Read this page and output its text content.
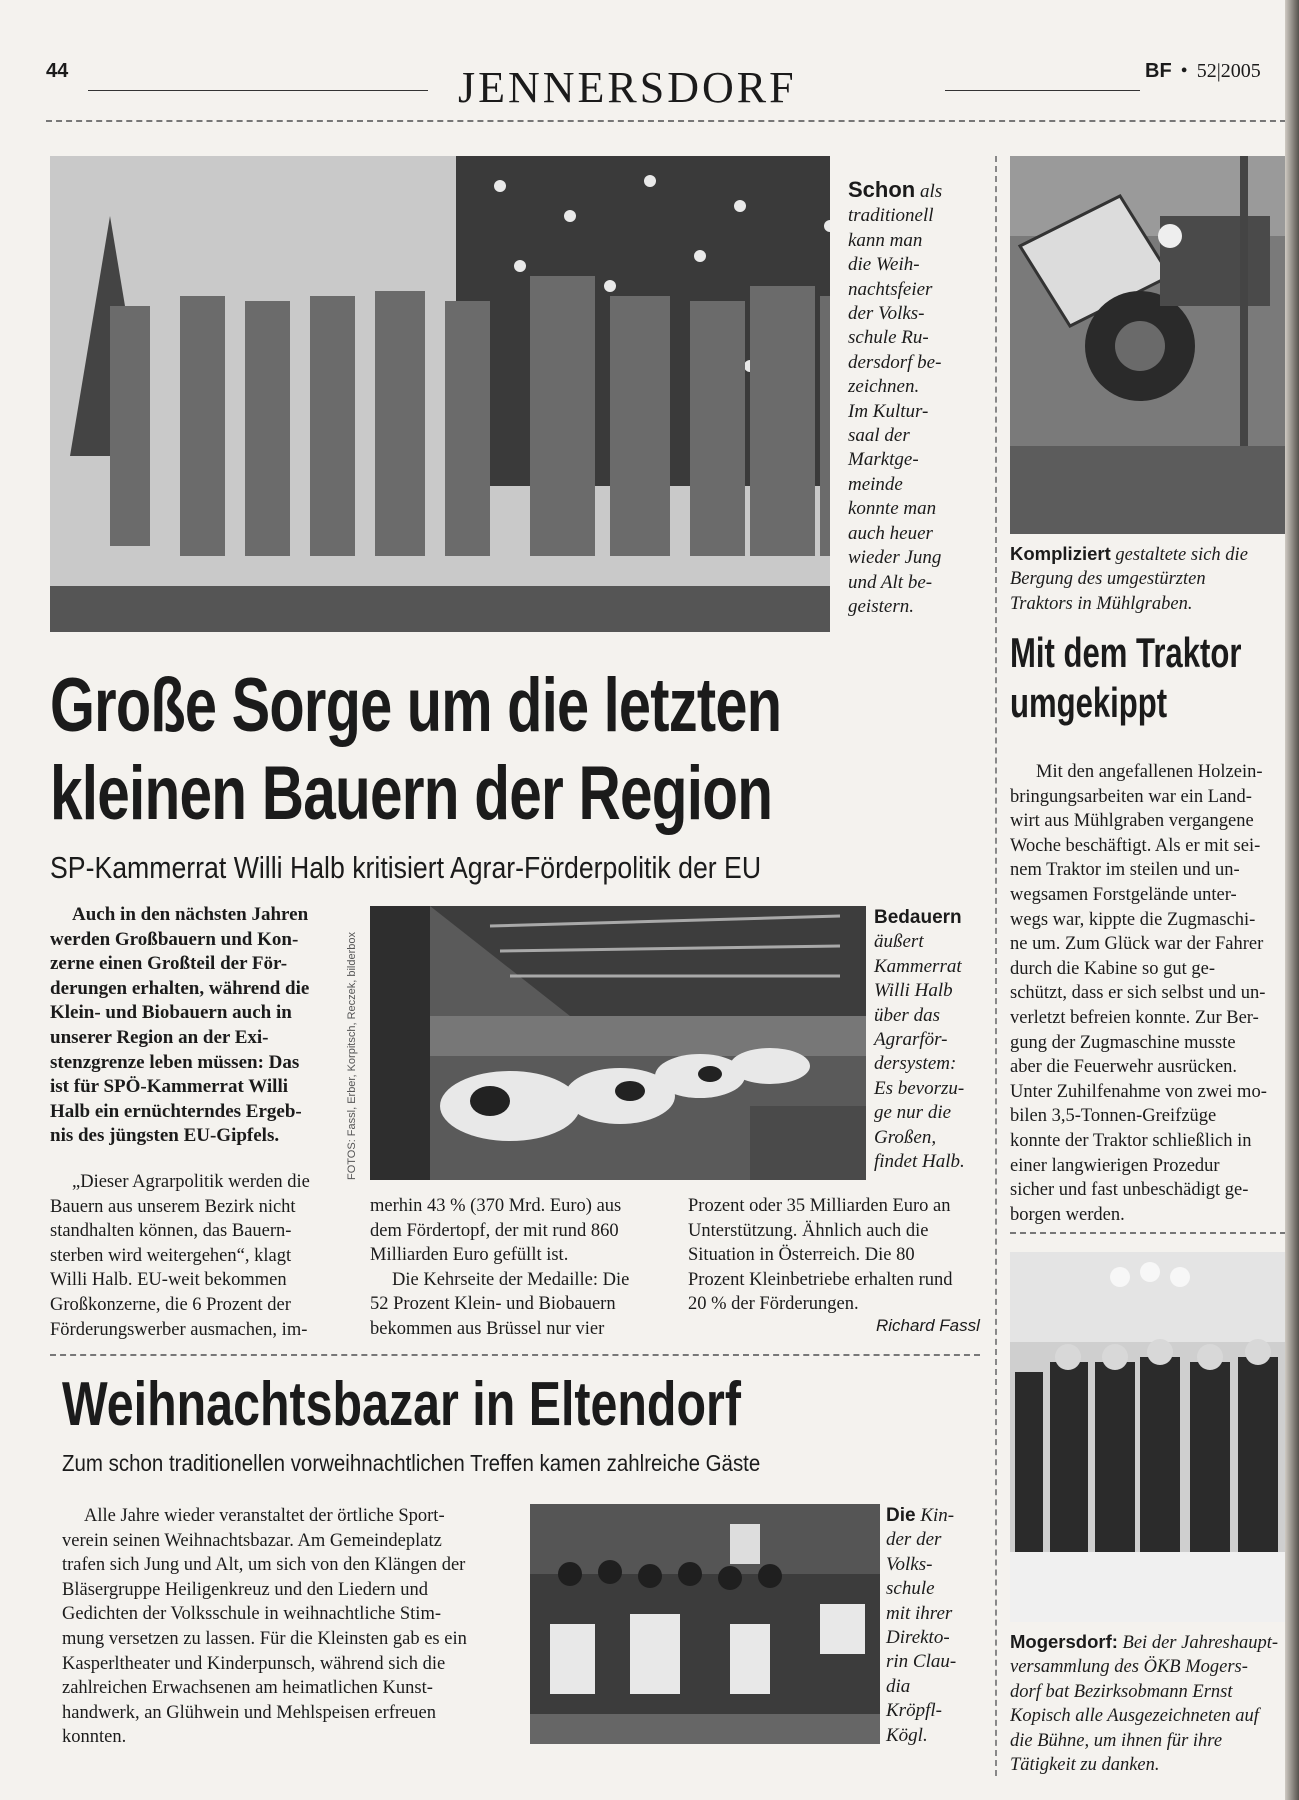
44	JENNERSDORF	BF • 52|2005
Schon als
traditionell
kann man
die Weih-
nachtsfeier
der Volks-
schule Ru-
dersdorf be-
zeichnen.
Im Kultur-
saal der
Marktge-
meinde
konnte man
auch heuer
wieder Jung
und Alt be-
geistern.
Große Sorge um die letzten
kleinen Bauern der Region
SP-Kammerrat Willi Halb kritisiert Agrar-Förderpolitik der EU
Auch in den nächsten Jahren
werden Großbauern und Kon-
zerne einen Großteil der För-
derungen erhalten, während die
Klein- und Biobauern auch in
unserer Region an der Exi-
stenzgrenze leben müssen: Das
ist für SPÖ-Kammerrat Willi
Halb ein ernüchterndes Ergeb-
nis des jüngsten EU-Gipfels.	FOTOS: Fassl, Erber, Korpitsch, Reczek, bilderbox
Bedauern
äußert
Kammerrat
Willi Halb
über das
Agrarför-
dersystem:
Es bevorzu-
ge nur die
Großen,
findet Halb.
„Dieser Agrarpolitik werden die
Bauern aus unserem Bezirk nicht
standhalten können, das Bauern-
sterben wird weitergehen“, klagt
Willi Halb. EU-weit bekommen
Großkonzerne, die 6 Prozent der
Förderungswerber ausmachen, im-
merhin 43 % (370 Mrd. Euro) aus
dem Fördertopf, der mit rund 860
Milliarden Euro gefüllt ist.
Die Kehrseite der Medaille: Die
52 Prozent Klein- und Biobauern
bekommen aus Brüssel nur vier
Prozent oder 35 Milliarden Euro an
Unterstützung. Ähnlich auch die
Situation in Österreich. Die 80
Prozent Kleinbetriebe erhalten rund
20 % der Förderungen.
Richard Fassl
Weihnachtsbazar in Eltendorf
Zum schon traditionellen vorweihnachtlichen Treffen kamen zahlreiche Gäste
Alle Jahre wieder veranstaltet der örtliche Sport-
verein seinen Weihnachtsbazar. Am Gemeindeplatz
trafen sich Jung und Alt, um sich von den Klängen der
Bläsergruppe Heiligenkreuz und den Liedern und
Gedichten der Volksschule in weihnachtliche Stim-
mung versetzen zu lassen. Für die Kleinsten gab es ein
Kasperltheater und Kinderpunsch, während sich die
zahlreichen Erwachsenen am heimatlichen Kunst-
handwerk, an Glühwein und Mehlspeisen erfreuen
konnten.
Die Kin-
der der
Volks-
schule
mit ihrer
Direkto-
rin Clau-
dia
Kröpfl-
Kögl.
Kompliziert gestaltete sich die
Bergung des umgestürzten
Traktors in Mühlgraben.
Mit dem Traktor
umgekippt
Mit den angefallenen Holzein-
bringungsarbeiten war ein Land-
wirt aus Mühlgraben vergangene
Woche beschäftigt. Als er mit sei-
nem Traktor im steilen und un-
wegsamen Forstgelände unter-
wegs war, kippte die Zugmaschi-
ne um. Zum Glück war der Fahrer
durch die Kabine so gut ge-
schützt, dass er sich selbst und un-
verletzt befreien konnte. Zur Ber-
gung der Zugmaschine musste
aber die Feuerwehr ausrücken.
Unter Zuhilfenahme von zwei mo-
bilen 3,5-Tonnen-Greifzüge
konnte der Traktor schließlich in
einer langwierigen Prozedur
sicher und fast unbeschädigt ge-
borgen werden.
Mogersdorf: Bei der Jahreshaupt-
versammlung des ÖKB Mogers-
dorf bat Bezirksobmann Ernst
Kopisch alle Ausgezeichneten auf
die Bühne, um ihnen für ihre
Tätigkeit zu danken.
